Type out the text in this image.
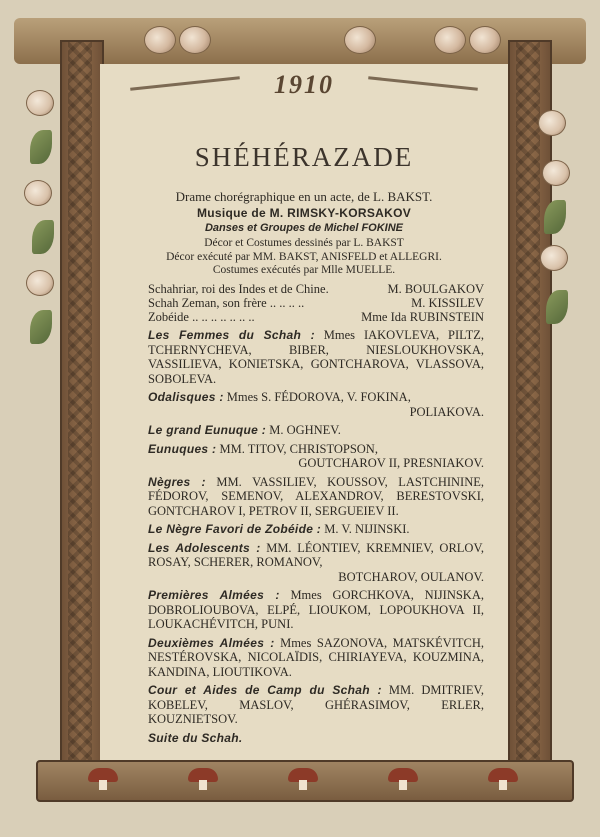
1910
SHÉHÉRAZADE
Drame chorégraphique en un acte, de L. BAKST.
Musique de M. RIMSKY-KORSAKOV
Danses et Groupes de Michel FOKINE
Décor et Costumes dessinés par L. BAKST
Décor exécuté par MM. BAKST, ANISFELD et ALLEGRI.
Costumes exécutés par Mlle MUELLE.
Schahriar, roi des Indes et de Chine.	M. BOULGAKOV
Schah Zeman, son frère .. .. .. ..	M. KISSILEV
Zobéide .. .. .. .. .. .. ..	Mme Ida RUBINSTEIN
Les Femmes du Schah : Mmes IAKOVLEVA, PILTZ, TCHERNYCHEVA, BIBER, NIESLOUKHOVSKA, VASSILIEVA, KONIETSKA, GONTCHAROVA, VLASSOVA, SOBOLEVA.
Odalisques : Mmes S. FÉDOROVA, V. FOKINA,
POLIAKOVA.
Le grand Eunuque : M. OGHNEV.
Eunuques : MM. TITOV, CHRISTOPSON,
GOUTCHAROV II, PRESNIAKOV.
Nègres : MM. VASSILIEV, KOUSSOV, LASTCHININE, FÉDOROV, SEMENOV, ALEXANDROV, BERESTOVSKI, GONTCHAROV I, PETROV II, SERGUEIEV II.
Le Nègre Favori de Zobéide : M. V. NIJINSKI.
Les Adolescents : MM. LÉONTIEV, KREMNIEV, ORLOV, ROSAY, SCHERER, ROMANOV,
BOTCHAROV, OULANOV.
Premières Almées : Mmes GORCHKOVA, NIJINSKA, DOBROLIOUBOVA, ELPÉ, LIOUKOM, LOPOUKHOVA II, LOUKACHÉVITCH, PUNI.
Deuxièmes Almées : Mmes SAZONOVA, MATSKÉVITCH, NESTÉROVSKA, NICOLAÏDIS, CHIRIAYEVA, KOUZMINA, KANDINA, LIOUTIKOVA.
Cour et Aides de Camp du Schah : MM. DMITRIEV, KOBELEV, MASLOV, GHÉRASIMOV, ERLER, KOUZNIETSOV.
Suite du Schah.
